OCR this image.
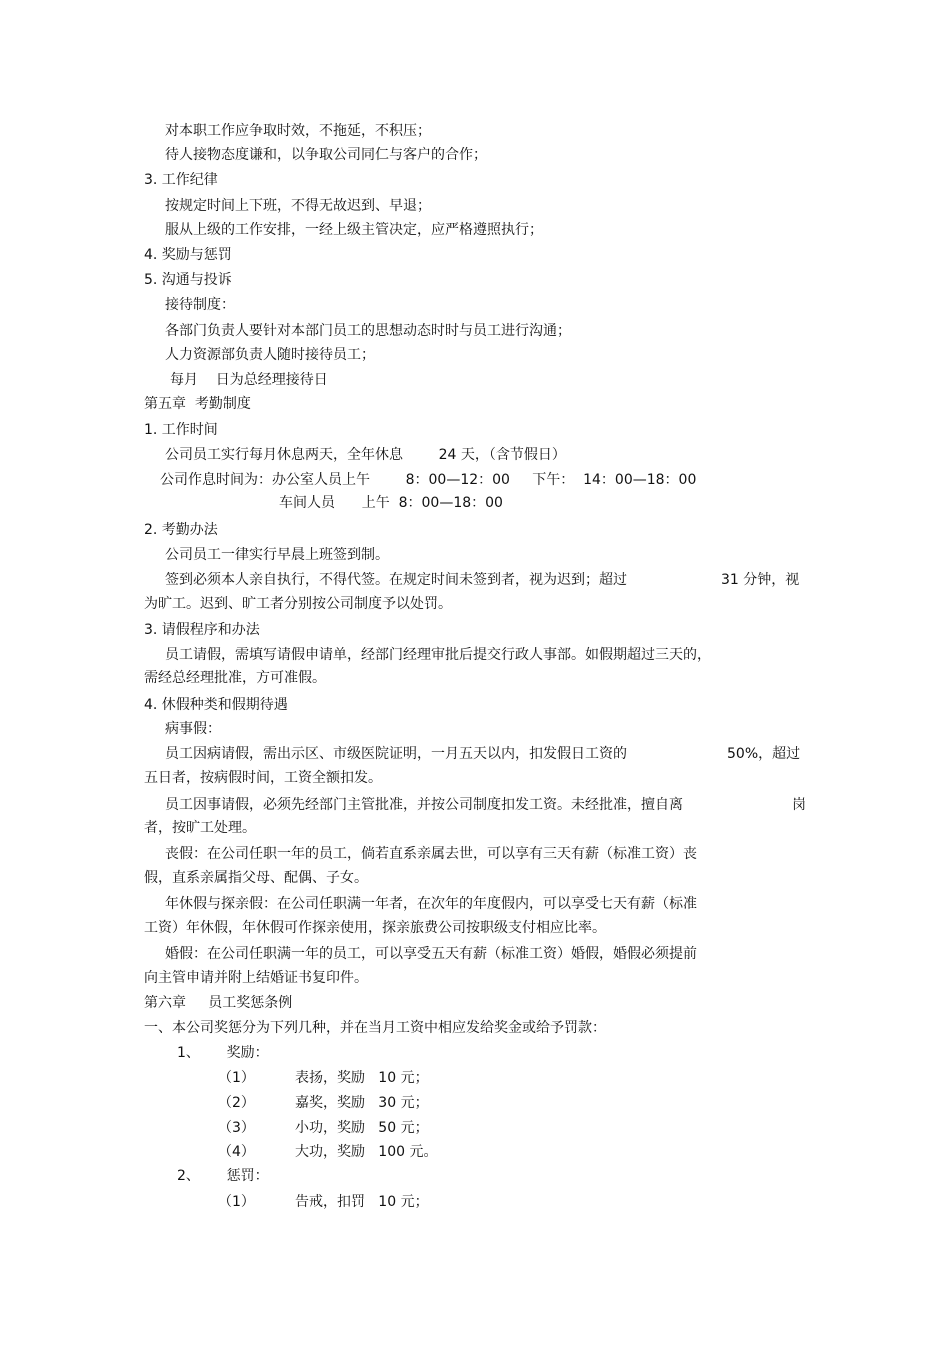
对本职工作应争取时效，不拖延，不积压；
待人接物态度谦和，以争取公司同仁与客户的合作；
3. 工作纪律
按规定时间上下班，不得无故迟到、早退；
服从上级的工作安排，一经上级主管决定，应严格遵照执行；
4. 奖励与惩罚
5. 沟通与投诉
接待制度：
各部门负责人要针对本部门员工的思想动态时时与员工进行沟通；
人力资源部负责人随时接待员工；
每月    日为总经理接待日
第五章  考勤制度
1. 工作时间
公司员工实行每月休息两天，全年休息        24 天，（含节假日）
公司作息时间为：办公室人员上午        8：00—12：00     下午：  14：00—18：00
车间人员      上午  8：00—18：00
2. 考勤办法
公司员工一律实行早晨上班签到制。
签到必须本人亲自执行，不得代签。在规定时间未签到者，视为迟到；超过	31 分钟，视
为旷工。迟到、旷工者分别按公司制度予以处罚。
3. 请假程序和办法
员工请假，需填写请假申请单，经部门经理审批后提交行政人事部。如假期超过三天的，
需经总经理批准，方可准假。
4. 休假种类和假期待遇
病事假：
员工因病请假，需出示区、市级医院证明，一月五天以内，扣发假日工资的	50%，超过
五日者，按病假时间，工资全额扣发。
员工因事请假，必须先经部门主管批准，并按公司制度扣发工资。未经批准，擅自离	岗
者，按旷工处理。
丧假：在公司任职一年的员工，倘若直系亲属去世，可以享有三天有薪（标准工资）丧
假，直系亲属指父母、配偶、子女。
年休假与探亲假：在公司任职满一年者，在次年的年度假内，可以享受七天有薪（标准
工资）年休假，年休假可作探亲使用，探亲旅费公司按职级支付相应比率。
婚假：在公司任职满一年的员工，可以享受五天有薪（标准工资）婚假，婚假必须提前
向主管申请并附上结婚证书复印件。
第六章     员工奖惩条例
一、本公司奖惩分为下列几种，并在当月工资中相应发给奖金或给予罚款：
1、      奖励：
（1）         表扬，奖励   10 元；
（2）         嘉奖，奖励   30 元；
（3）         小功，奖励   50 元；
（4）         大功，奖励   100 元。
2、      惩罚：
（1）         告戒，扣罚   10 元；
